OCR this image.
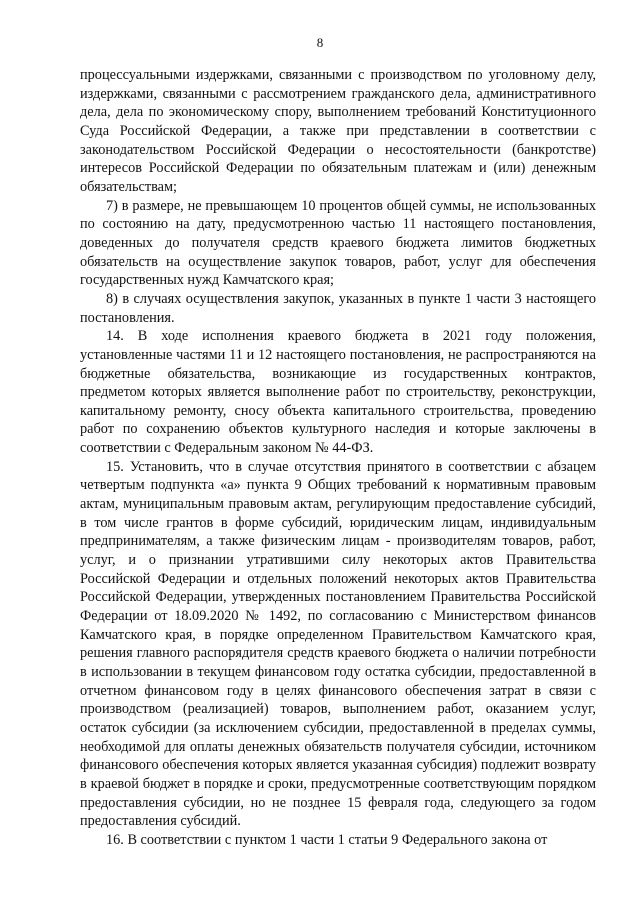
8

процессуальными издержками, связанными с производством по уголовному делу, издержками, связанными с рассмотрением гражданского дела, административного дела, дела по экономическому спору, выполнением требований Конституционного Суда Российской Федерации, а также при представлении в соответствии с законодательством Российской Федерации о несостоятельности (банкротстве) интересов Российской Федерации по обязательным платежам и (или) денежным обязательствам;

7) в размере, не превышающем 10 процентов общей суммы, не использованных по состоянию на дату, предусмотренною частью 11 настоящего постановления, доведенных до получателя средств краевого бюджета лимитов бюджетных обязательств на осуществление закупок товаров, работ, услуг для обеспечения государственных нужд Камчатского края;

8) в случаях осуществления закупок, указанных в пункте 1 части 3 настоящего постановления.

14. В ходе исполнения краевого бюджета в 2021 году положения, установленные частями 11 и 12 настоящего постановления, не распространяются на бюджетные обязательства, возникающие из государственных контрактов, предметом которых является выполнение работ по строительству, реконструкции, капитальному ремонту, сносу объекта капитального строительства, проведению работ по сохранению объектов культурного наследия и которые заключены в соответствии с Федеральным законом № 44-ФЗ.

15. Установить, что в случае отсутствия принятого в соответствии с абзацем четвертым подпункта «а» пункта 9 Общих требований к нормативным правовым актам, муниципальным правовым актам, регулирующим предоставление субсидий, в том числе грантов в форме субсидий, юридическим лицам, индивидуальным предпринимателям, а также физическим лицам - производителям товаров, работ, услуг, и о признании утратившими силу некоторых актов Правительства Российской Федерации и отдельных положений некоторых актов Правительства Российской Федерации, утвержденных постановлением Правительства Российской Федерации от 18.09.2020 № 1492, по согласованию с Министерством финансов Камчатского края, в порядке определенном Правительством Камчатского края, решения главного распорядителя средств краевого бюджета о наличии потребности в использовании в текущем финансовом году остатка субсидии, предоставленной в отчетном финансовом году в целях финансового обеспечения затрат в связи с производством (реализацией) товаров, выполнением работ, оказанием услуг, остаток субсидии (за исключением субсидии, предоставленной в пределах суммы, необходимой для оплаты денежных обязательств получателя субсидии, источником финансового обеспечения которых является указанная субсидия) подлежит возврату в краевой бюджет в порядке и сроки, предусмотренные соответствующим порядком предоставления субсидии, но не позднее 15 февраля года, следующего за годом предоставления субсидий.

16. В соответствии с пунктом 1 части 1 статьи 9 Федерального закона от
